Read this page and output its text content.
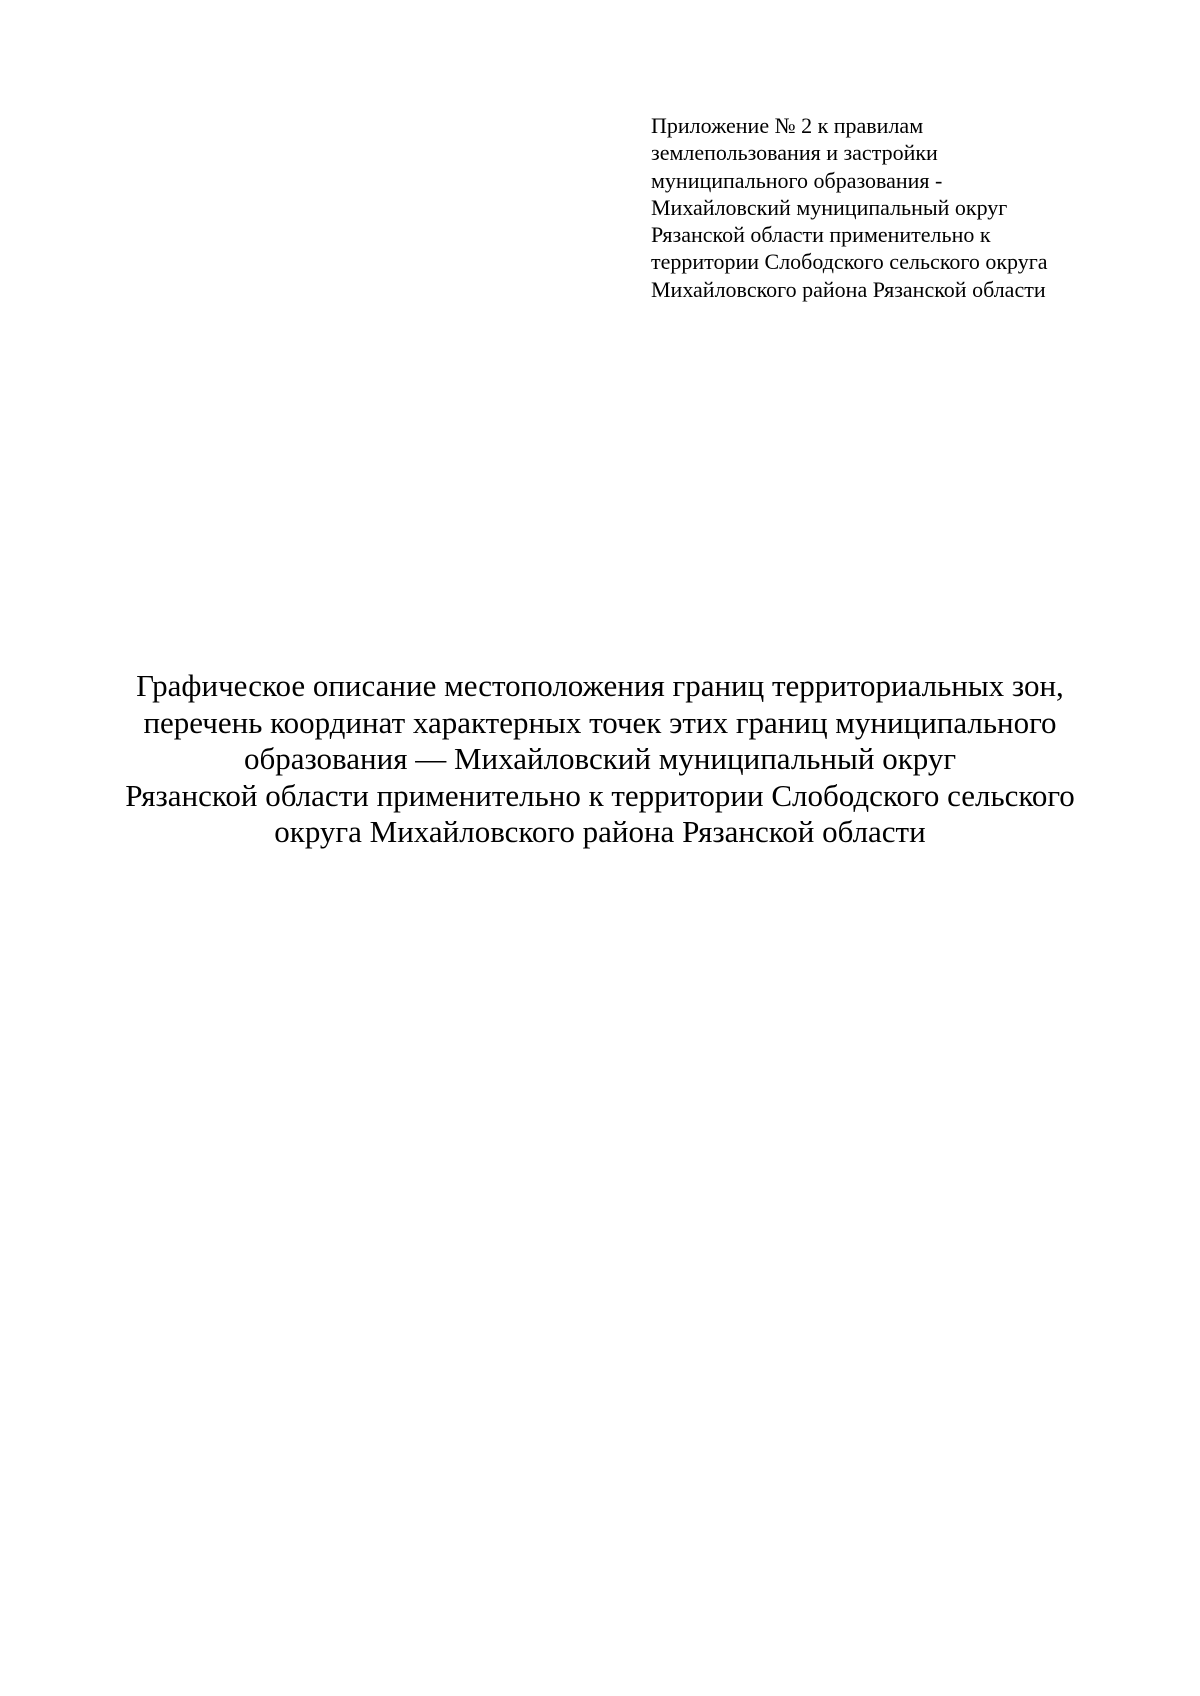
Приложение № 2 к правилам
землепользования и застройки
муниципального образования -
Михайловский муниципальный округ
Рязанской области применительно к
территории Слободского сельского округа
Михайловского района Рязанской области
Графическое описание местоположения границ территориальных зон,
перечень координат характерных точек этих границ муниципального
образования — Михайловский муниципальный округ
Рязанской области применительно к территории Слободского сельского
округа Михайловского района Рязанской области
